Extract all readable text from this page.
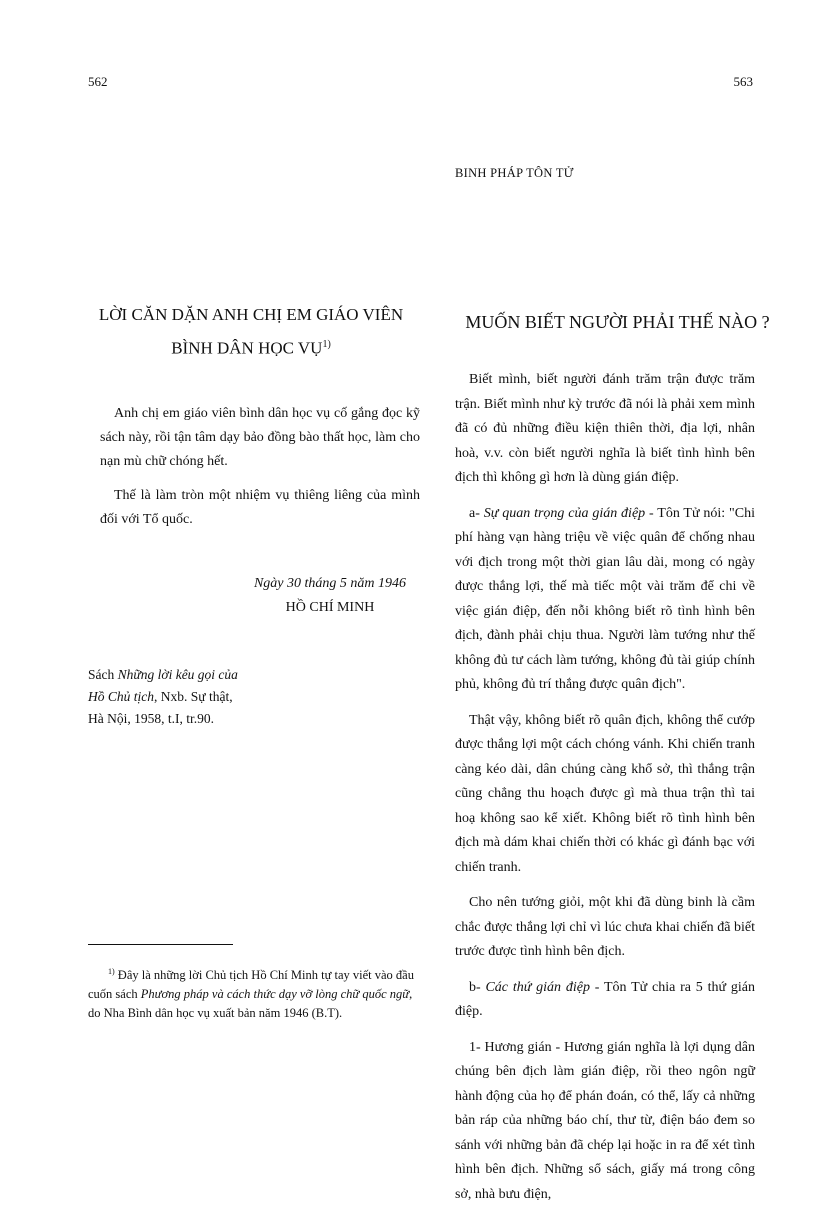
562
LỜI CĂN DẶN ANH CHỊ EM GIÁO VIÊN
BÌNH DÂN HỌC VỤ$^{1)}$

Anh chị em giáo viên bình dân học vụ cố gắng đọc kỹ sách này, rồi tận tâm dạy bảo đồng bào thất học, làm cho nạn mù chữ chóng hết.

Thế là làm tròn một nhiệm vụ thiêng liêng của mình đối với Tổ quốc.

Ngày 30 tháng 5 năm 1946
HỒ CHÍ MINH
Sách Những lời kêu gọi của
Hồ Chủ tịch, Nxb. Sự thật,
Hà Nội, 1958, t.I, tr.90.
$^{1)}$ Đây là những lời Chủ tịch Hồ Chí Minh tự tay viết vào đầu cuốn sách Phương pháp và cách thức dạy vỡ lòng chữ quốc ngữ, do Nha Bình dân học vụ xuất bản năm 1946 (B.T).
563
BINH PHÁP TÔN TỬ
MUỐN BIẾT NGƯỜI PHẢI THẾ NÀO ?

Biết mình, biết người đánh trăm trận được trăm trận. Biết mình như kỳ trước đã nói là phải xem mình đã có đủ những điều kiện thiên thời, địa lợi, nhân hoà, v.v. còn biết người nghĩa là biết tình hình bên địch thì không gì hơn là dùng gián điệp.

a- Sự quan trọng của gián điệp - Tôn Tử nói: "Chi phí hàng vạn hàng triệu về việc quân để chống nhau với địch trong một thời gian lâu dài, mong có ngày được thắng lợi, thế mà tiếc một vài trăm để chi về việc gián điệp, đến nỗi không biết rõ tình hình bên địch, đành phải chịu thua. Người làm tướng như thế không đủ tư cách làm tướng, không đủ tài giúp chính phủ, không đủ trí thắng được quân địch".

Thật vậy, không biết rõ quân địch, không thể cướp được thắng lợi một cách chóng vánh. Khi chiến tranh càng kéo dài, dân chúng càng khổ sở, thì thắng trận cũng chẳng thu hoạch được gì mà thua trận thì tai hoạ không sao kể xiết. Không biết rõ tình hình bên địch mà dám khai chiến thời có khác gì đánh bạc với chiến tranh.

Cho nên tướng giỏi, một khi đã dùng binh là cầm chắc được thắng lợi chỉ vì lúc chưa khai chiến đã biết trước được tình hình bên địch.

b- Các thứ gián điệp - Tôn Tử chia ra 5 thứ gián điệp.

1- Hương gián - Hương gián nghĩa là lợi dụng dân chúng bên địch làm gián điệp, rồi theo ngôn ngữ hành động của họ để phán đoán, có thể, lấy cả những bản ráp của những báo chí, thư từ, điện báo đem so sánh với những bản đã chép lại hoặc in ra để xét tình hình bên địch. Những sổ sách, giấy má trong công sở, nhà bưu điện,
